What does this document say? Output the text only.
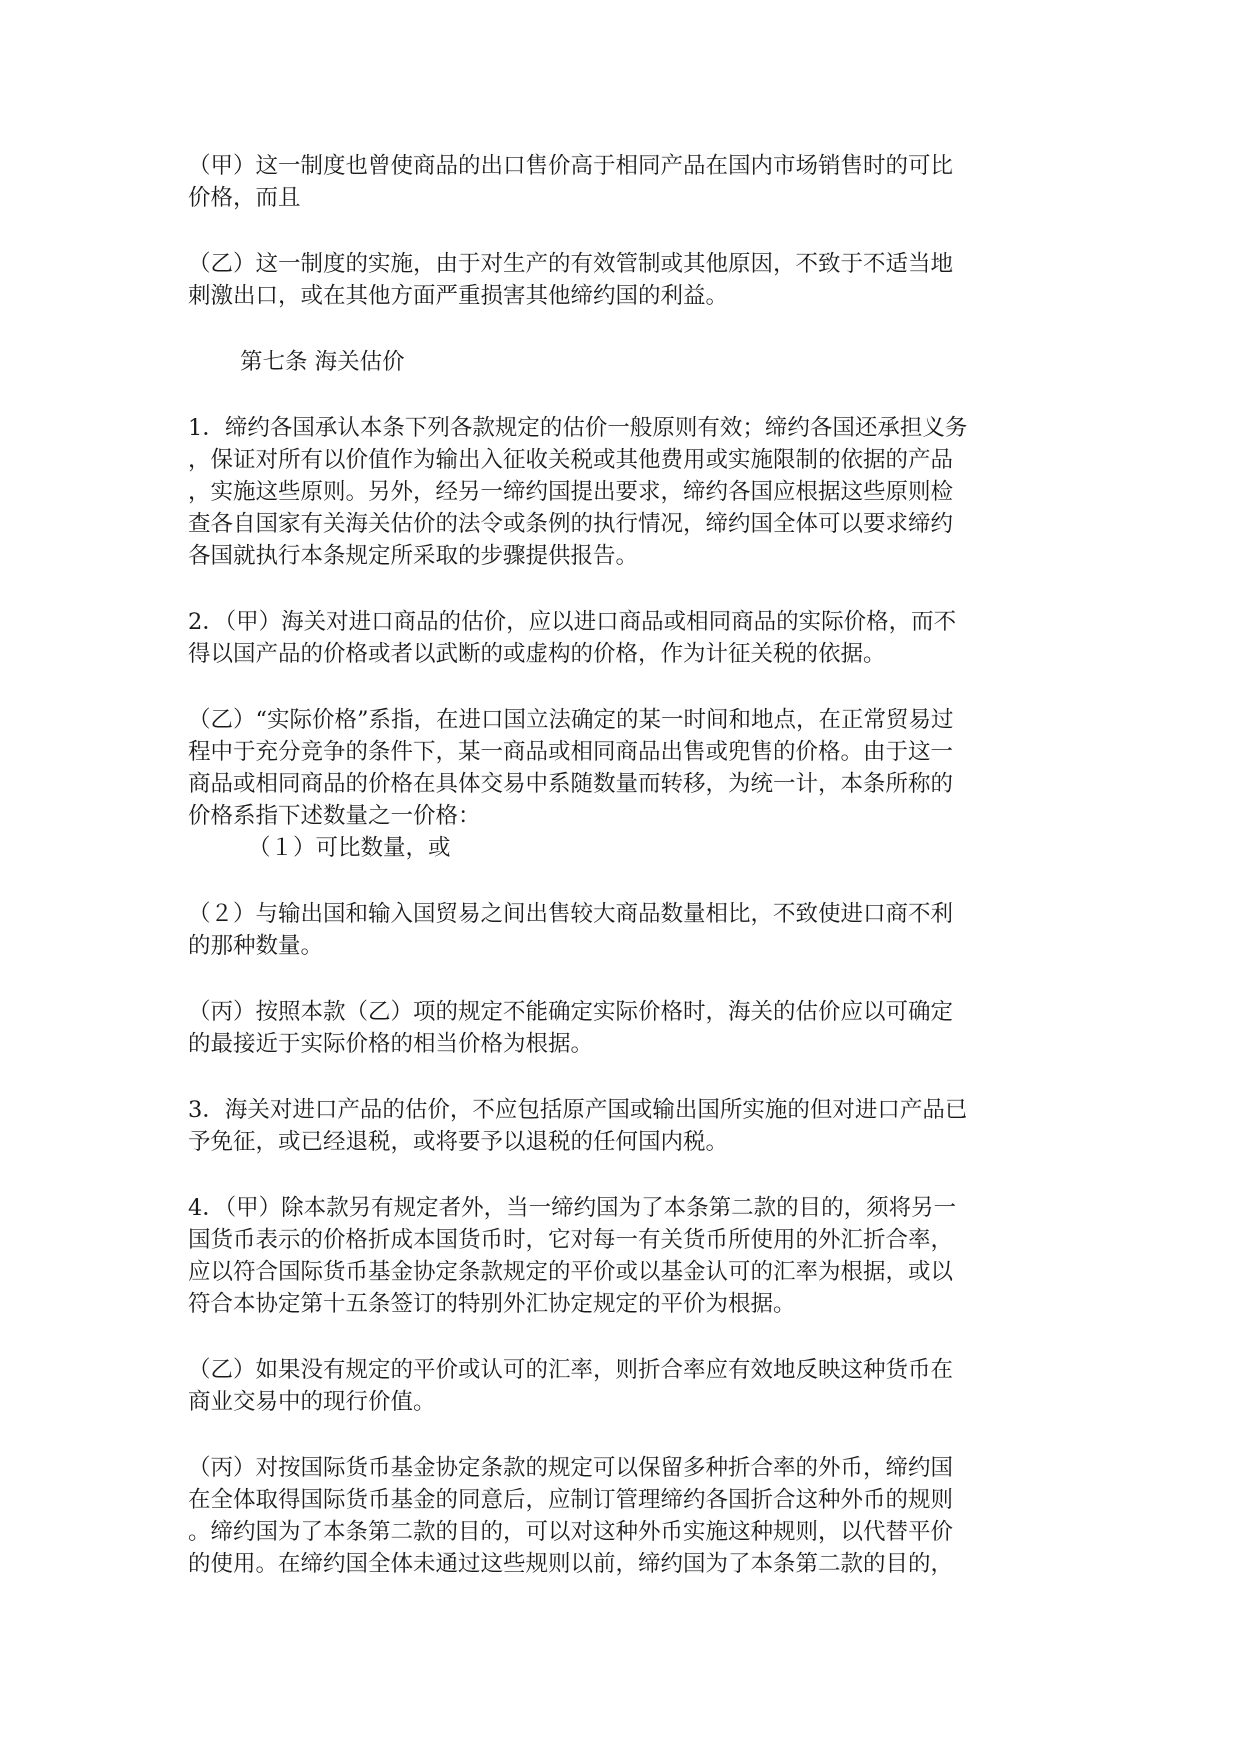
（甲）这一制度也曾使商品的出口售价高于相同产品在国内市场销售时的可比
价格，而且

（乙）这一制度的实施，由于对生产的有效管制或其他原因，不致于不适当地
刺激出口，或在其他方面严重损害其他缔约国的利益。

第七条 海关估价

1．缔约各国承认本条下列各款规定的估价一般原则有效；缔约各国还承担义务
，保证对所有以价值作为输出入征收关税或其他费用或实施限制的依据的产品
，实施这些原则。另外，经另一缔约国提出要求，缔约各国应根据这些原则检
查各自国家有关海关估价的法令或条例的执行情况，缔约国全体可以要求缔约
各国就执行本条规定所采取的步骤提供报告。

2．（甲）海关对进口商品的估价，应以进口商品或相同商品的实际价格，而不
得以国产品的价格或者以武断的或虚构的价格，作为计征关税的依据。

（乙）“实际价格”系指，在进口国立法确定的某一时间和地点，在正常贸易过
程中于充分竞争的条件下，某一商品或相同商品出售或兜售的价格。由于这一
商品或相同商品的价格在具体交易中系随数量而转移，为统一计，本条所称的
价格系指下述数量之一价格：

（１）可比数量，或

（２）与输出国和输入国贸易之间出售较大商品数量相比，不致使进口商不利
的那种数量。

（丙）按照本款（乙）项的规定不能确定实际价格时，海关的估价应以可确定
的最接近于实际价格的相当价格为根据。

3．海关对进口产品的估价，不应包括原产国或输出国所实施的但对进口产品已
予免征，或已经退税，或将要予以退税的任何国内税。

4．（甲）除本款另有规定者外，当一缔约国为了本条第二款的目的，须将另一
国货币表示的价格折成本国货币时，它对每一有关货币所使用的外汇折合率，
应以符合国际货币基金协定条款规定的平价或以基金认可的汇率为根据，或以
符合本协定第十五条签订的特别外汇协定规定的平价为根据。

（乙）如果没有规定的平价或认可的汇率，则折合率应有效地反映这种货币在
商业交易中的现行价值。

（丙）对按国际货币基金协定条款的规定可以保留多种折合率的外币，缔约国
在全体取得国际货币基金的同意后，应制订管理缔约各国折合这种外币的规则
。缔约国为了本条第二款的目的，可以对这种外币实施这种规则，以代替平价
的使用。在缔约国全体未通过这些规则以前，缔约国为了本条第二款的目的，
